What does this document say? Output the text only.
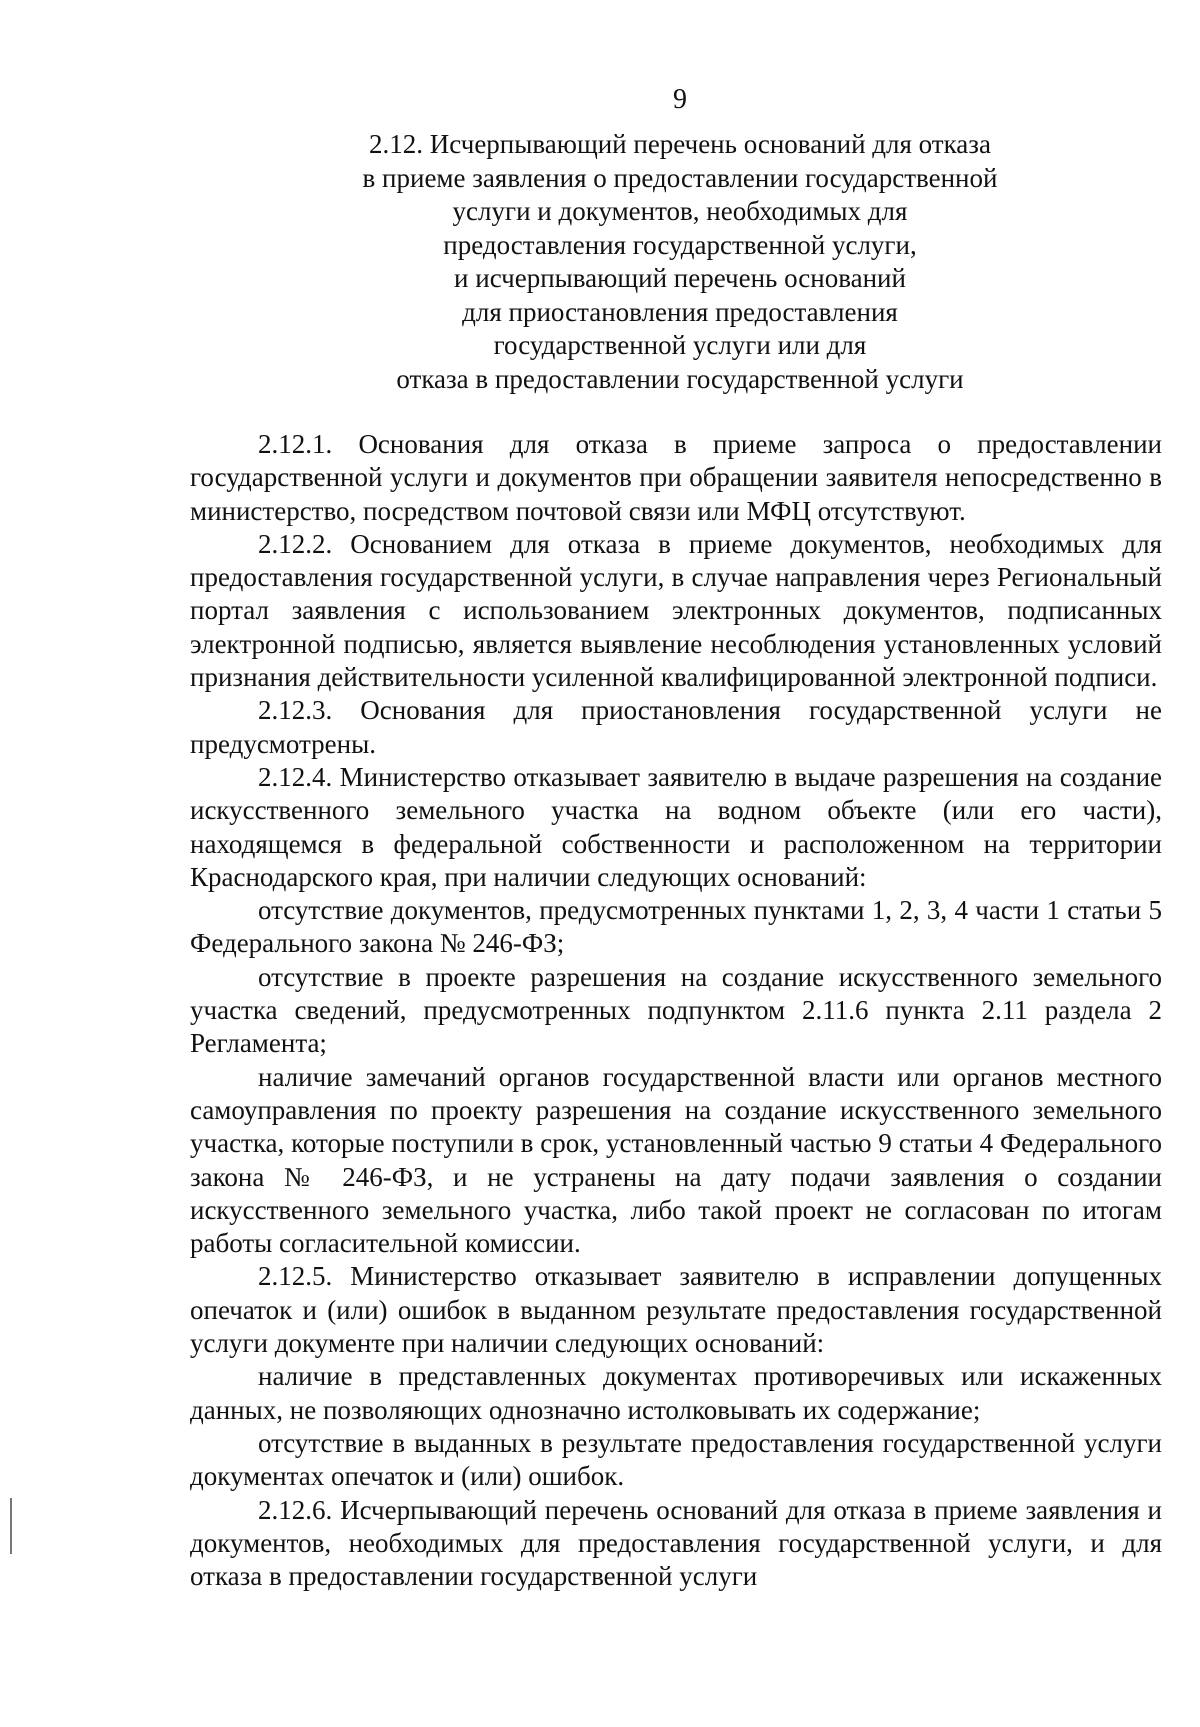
9
2.12. Исчерпывающий перечень оснований для отказа
в приеме заявления о предоставлении государственной
услуги и документов, необходимых для
предоставления государственной услуги,
и исчерпывающий перечень оснований
для приостановления предоставления
государственной услуги или для
отказа в предоставлении государственной услуги

2.12.1. Основания для отказа в приеме запроса о предоставлении государственной услуги и документов при обращении заявителя непосредственно в министерство, посредством почтовой связи или МФЦ отсутствуют.

2.12.2. Основанием для отказа в приеме документов, необходимых для предоставления государственной услуги, в случае направления через Региональный портал заявления с использованием электронных документов, подписанных электронной подписью, является выявление несоблюдения установленных условий признания действительности усиленной квалифицированной электронной подписи.

2.12.3. Основания для приостановления государственной услуги не предусмотрены.

2.12.4. Министерство отказывает заявителю в выдаче разрешения на создание искусственного земельного участка на водном объекте (или его части), находящемся в федеральной собственности и расположенном на территории Краснодарского края, при наличии следующих оснований:

отсутствие документов, предусмотренных пунктами 1, 2, 3, 4 части 1 статьи 5 Федерального закона № 246-ФЗ;

отсутствие в проекте разрешения на создание искусственного земельного участка сведений, предусмотренных подпунктом 2.11.6 пункта 2.11 раздела 2 Регламента;

наличие замечаний органов государственной власти или органов местного самоуправления по проекту разрешения на создание искусственного земельного участка, которые поступили в срок, установленный частью 9 статьи 4 Федерального закона № 246-ФЗ, и не устранены на дату подачи заявления о создании искусственного земельного участка, либо такой проект не согласован по итогам работы согласительной комиссии.

2.12.5. Министерство отказывает заявителю в исправлении допущенных опечаток и (или) ошибок в выданном результате предоставления государственной услуги документе при наличии следующих оснований:

наличие в представленных документах противоречивых или искаженных данных, не позволяющих однозначно истолковывать их содержание;

отсутствие в выданных в результате предоставления государственной услуги документах опечаток и (или) ошибок.

2.12.6. Исчерпывающий перечень оснований для отказа в приеме заявления и документов, необходимых для предоставления государственной услуги, и для отказа в предоставлении государственной услуги
